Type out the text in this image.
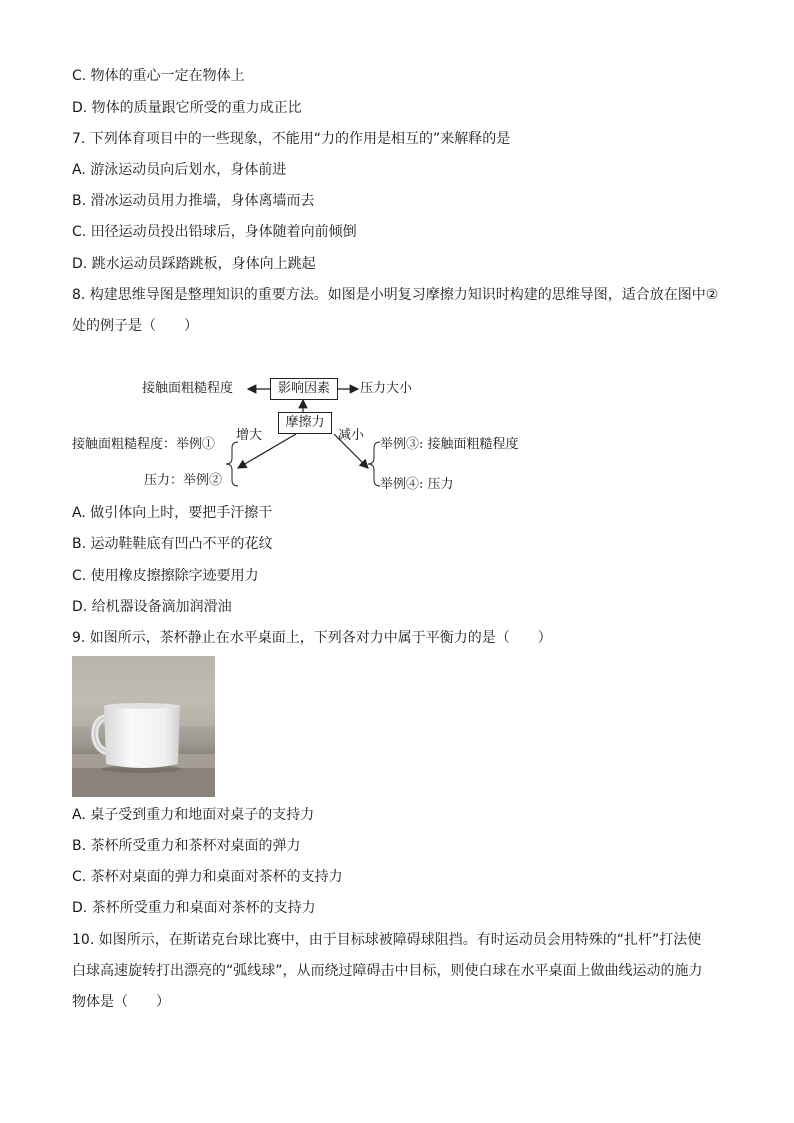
C. 物体的重心一定在物体上
D. 物体的质量跟它所受的重力成正比
7. 下列体育项目中的一些现象，不能用“力的作用是相互的”来解释的是
A. 游泳运动员向后划水，身体前进
B. 滑冰运动员用力推墙，身体离墙而去
C. 田径运动员投出铅球后，身体随着向前倾倒
D. 跳水运动员踩踏跳板，身体向上跳起
8. 构建思维导图是整理知识的重要方法。如图是小明复习摩擦力知识时构建的思维导图，适合放在图中②
处的例子是（　　）
接触面粗糙程度	影响因素	压力大小
摩擦力
增大	减小
接触面粗糙程度：举例①
压力：举例②
举例③: 接触面粗糙程度
举例④: 压力
A. 做引体向上时，要把手汗擦干
B. 运动鞋鞋底有凹凸不平的花纹
C. 使用橡皮擦擦除字迹要用力
D. 给机器设备滴加润滑油
9. 如图所示，茶杯静止在水平桌面上，下列各对力中属于平衡力的是（　　）
A. 桌子受到重力和地面对桌子的支持力
B. 茶杯所受重力和茶杯对桌面的弹力
C. 茶杯对桌面的弹力和桌面对茶杯的支持力
D. 茶杯所受重力和桌面对茶杯的支持力
10. 如图所示，在斯诺克台球比赛中，由于目标球被障碍球阻挡。有时运动员会用特殊的“扎杆”打法使
白球高速旋转打出漂亮的“弧线球”，从而绕过障碍击中目标，则使白球在水平桌面上做曲线运动的施力
物体是（　　）
